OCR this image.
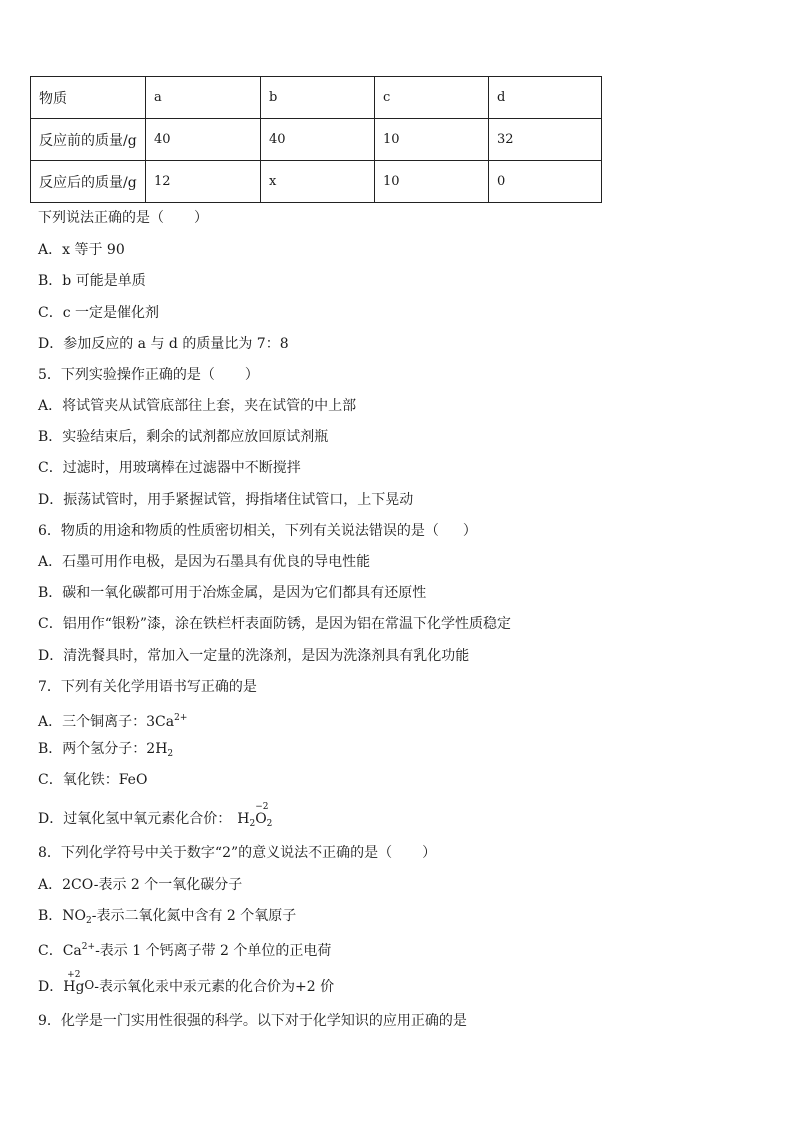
物质	a	b	c	d
反应前的质量/g	40	40	10	32
反应后的质量/g	12	x	10	0
下列说法正确的是（ ）
A．x 等于 90
B．b 可能是单质
C．c 一定是催化剂
D．参加反应的 a 与 d 的质量比为 7：8
5．下列实验操作正确的是（ ）
A．将试管夹从试管底部往上套，夹在试管的中上部
B．实验结束后，剩余的试剂都应放回原试剂瓶
C．过滤时，用玻璃棒在过滤器中不断搅拌
D．振荡试管时，用手紧握试管，拇指堵住试管口，上下晃动
6．物质的用途和物质的性质密切相关，下列有关说法错误的是（ ）
A．石墨可用作电极，是因为石墨具有优良的导电性能
B．碳和一氧化碳都可用于冶炼金属，是因为它们都具有还原性
C．铝用作“银粉”漆，涂在铁栏杆表面防锈，是因为铝在常温下化学性质稳定
D．清洗餐具时，常加入一定量的洗涤剂，是因为洗涤剂具有乳化功能
7．下列有关化学用语书写正确的是
A．三个铜离子：$3Ca^{2+}$
B．两个氢分子：$2H_2$
C．氧化铁：FeO
D．过氧化氢中氧元素化合价： $H_2$
−2
$O_2$
8．下列化学符号中关于数字“2”的意义说法不正确的是（ ）
A．2CO-表示 2 个一氧化碳分子
B．$NO_2-$表示二氧化氮中含有 2 个氧原子
C．$Ca^{2+}-$表示 1 个钙离子带 2 个单位的正电荷
D．
+2
HgO-表示氧化汞中汞元素的化合价为+2 价
9．化学是一门实用性很强的科学。以下对于化学知识的应用正确的是
